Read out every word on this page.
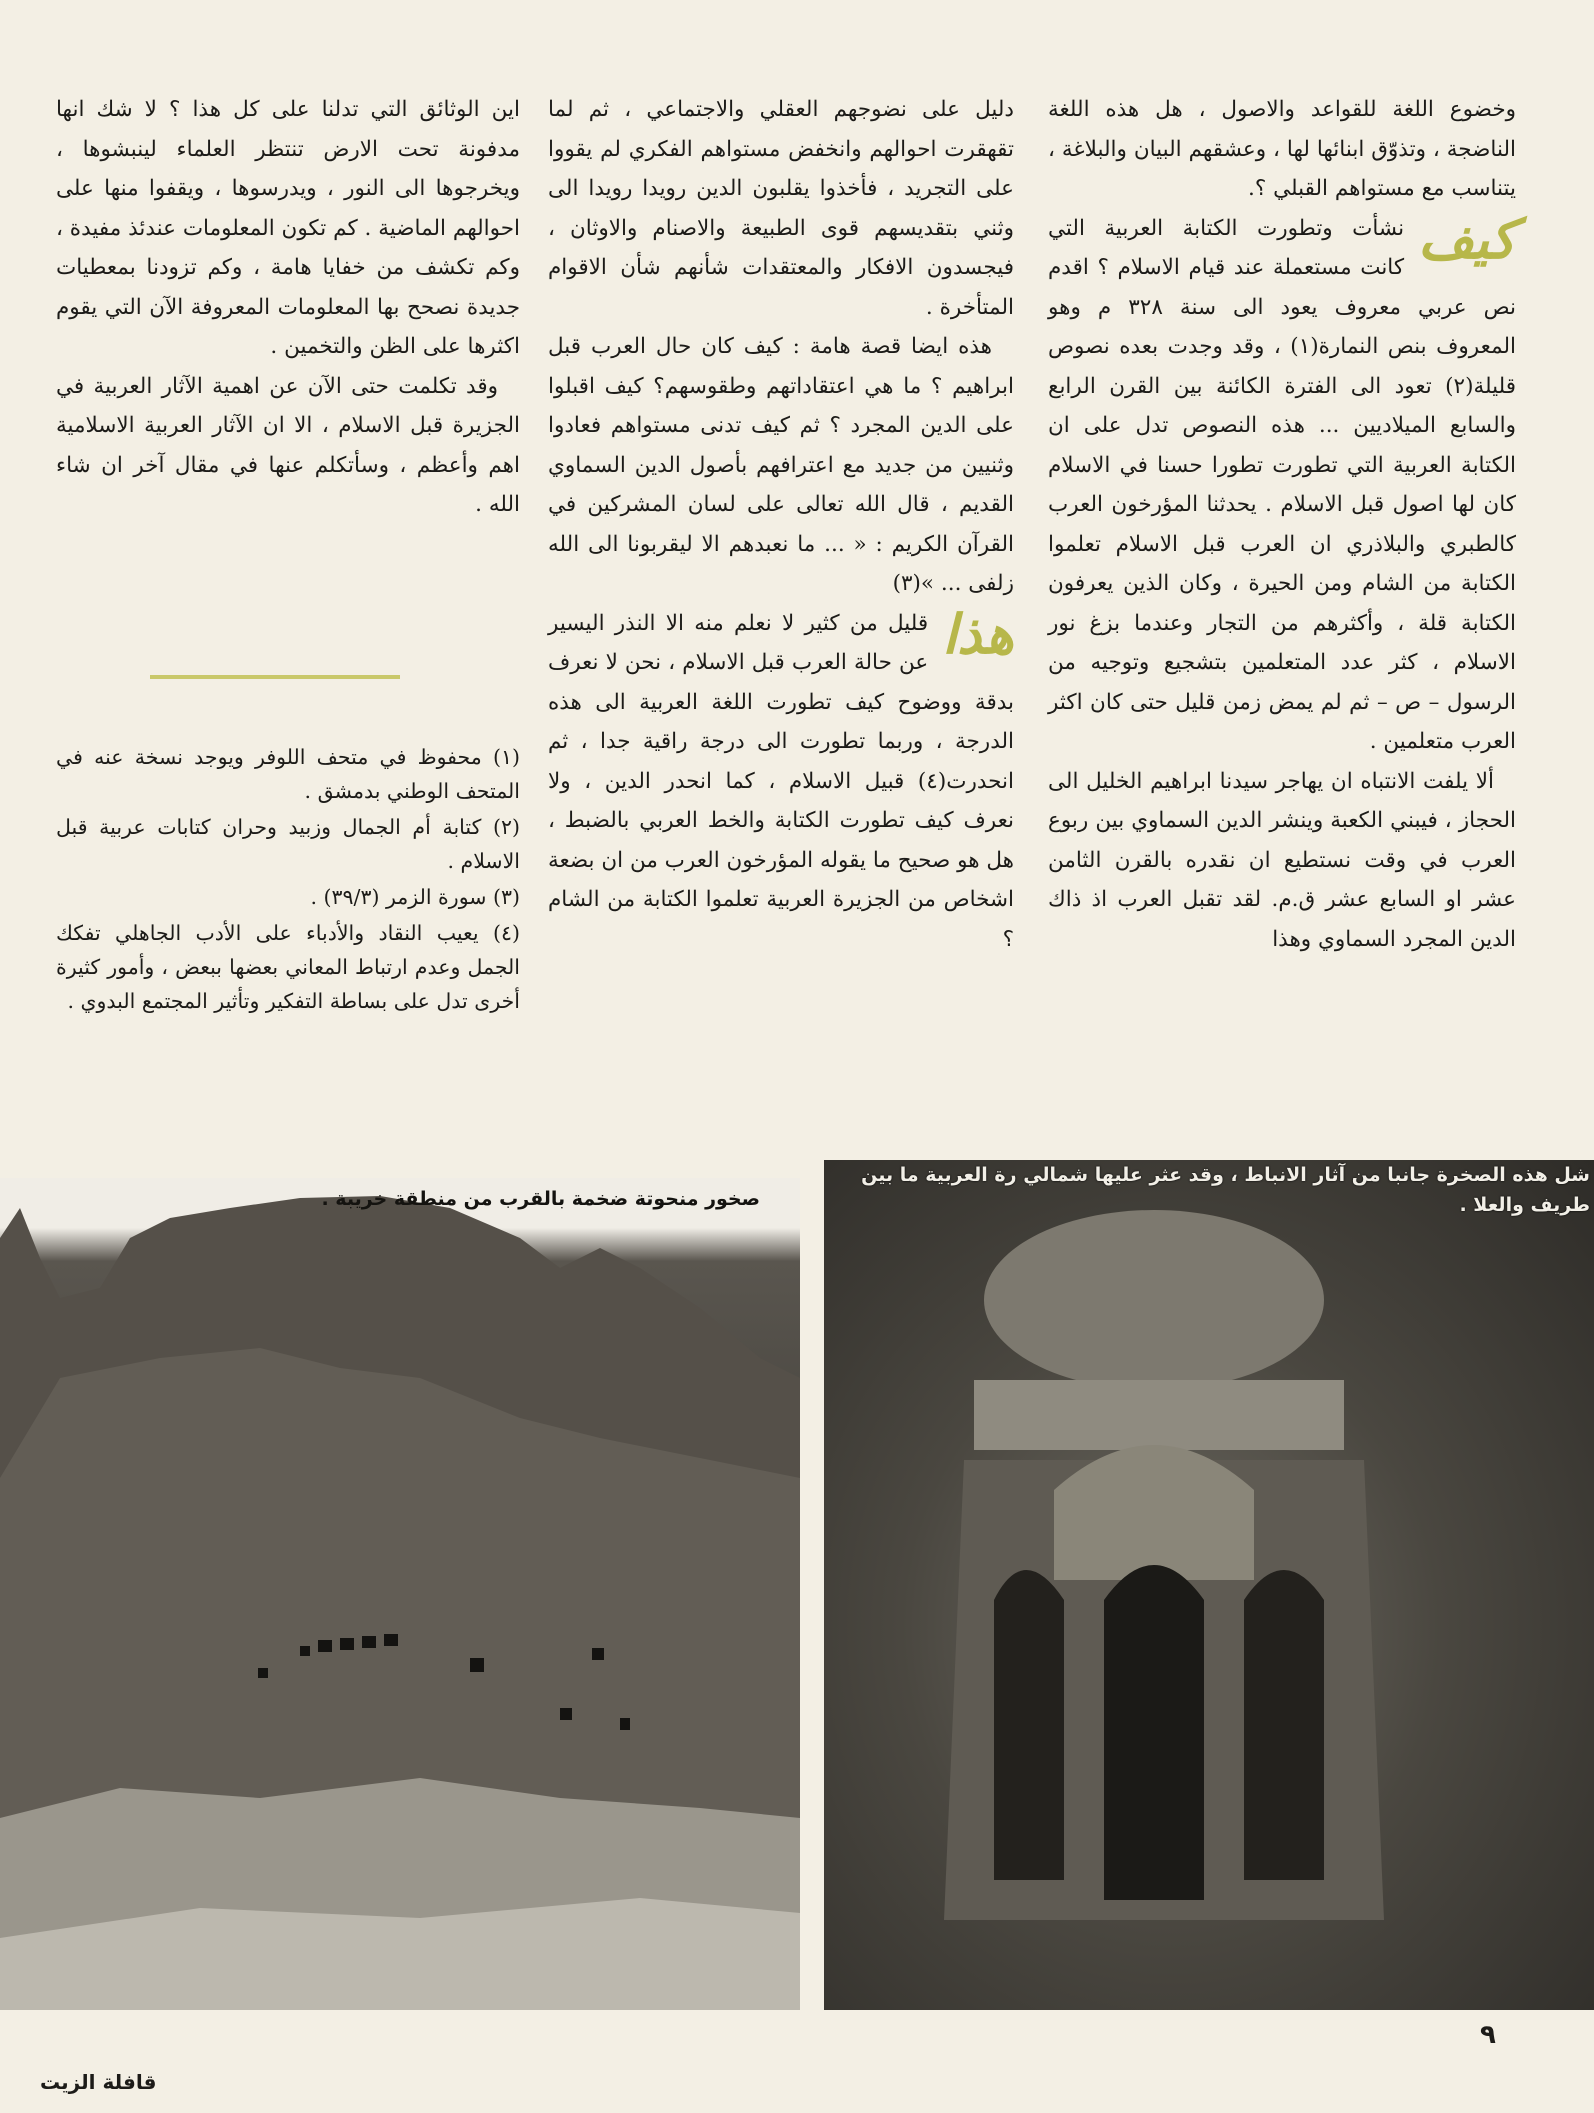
وخضوع اللغة للقواعد والاصول ، هل هذه اللغة الناضجة ، وتذوّق ابنائها لها ، وعشقهم البيان والبلاغة ، يتناسب مع مستواهم القبلي ؟.

كيف
نشأت وتطورت الكتابة العربية التي كانت مستعملة عند قيام الاسلام ؟ اقدم نص عربي معروف يعود الى سنة ٣٢٨ م وهو المعروف بنص النمارة(١) ، وقد وجدت بعده نصوص قليلة(٢) تعود الى الفترة الكائنة بين القرن الرابع والسابع الميلاديين ... هذه النصوص تدل على ان الكتابة العربية التي تطورت تطورا حسنا في الاسلام كان لها اصول قبل الاسلام . يحدثنا المؤرخون العرب كالطبري والبلاذري ان العرب قبل الاسلام تعلموا الكتابة من الشام ومن الحيرة ، وكان الذين يعرفون الكتابة قلة ، وأكثرهم من التجار وعندما بزغ نور الاسلام ، كثر عدد المتعلمين بتشجيع وتوجيه من الرسول – ص – ثم لم يمض زمن قليل حتى كان اكثر العرب متعلمين .

ألا يلفت الانتباه ان يهاجر سيدنا ابراهيم الخليل الى الحجاز ، فيبني الكعبة وينشر الدين السماوي بين ربوع العرب في وقت نستطيع ان نقدره بالقرن الثامن عشر او السابع عشر ق.م. لقد تقبل العرب اذ ذاك الدين المجرد السماوي وهذا

دليل على نضوجهم العقلي والاجتماعي ، ثم لما تقهقرت احوالهم وانخفض مستواهم الفكري لم يقووا على التجريد ، فأخذوا يقلبون الدين رويدا رويدا الى وثني بتقديسهم قوى الطبيعة والاصنام والاوثان ، فيجسدون الافكار والمعتقدات شأنهم شأن الاقوام المتأخرة .

هذه ايضا قصة هامة : كيف كان حال العرب قبل ابراهيم ؟ ما هي اعتقاداتهم وطقوسهم؟ كيف اقبلوا على الدين المجرد ؟ ثم كيف تدنى مستواهم فعادوا وثنيين من جديد مع اعترافهم بأصول الدين السماوي القديم ، قال الله تعالى على لسان المشركين في القرآن الكريم : « ... ما نعبدهم الا ليقربونا الى الله زلفى ... »(٣)

هذا
قليل من كثير لا نعلم منه الا النذر اليسير عن حالة العرب قبل الاسلام ، نحن لا نعرف بدقة ووضوح كيف تطورت اللغة العربية الى هذه الدرجة ، وربما تطورت الى درجة راقية جدا ، ثم انحدرت(٤) قبيل الاسلام ، كما انحدر الدين ، ولا نعرف كيف تطورت الكتابة والخط العربي بالضبط ، هل هو صحيح ما يقوله المؤرخون العرب من ان بضعة اشخاص من الجزيرة العربية تعلموا الكتابة من الشام ؟

اين الوثائق التي تدلنا على كل هذا ؟ لا شك انها مدفونة تحت الارض تنتظر العلماء لينبشوها ، ويخرجوها الى النور ، ويدرسوها ، ويقفوا منها على احوالهم الماضية . كم تكون المعلومات عندئذ مفيدة ، وكم تكشف من خفايا هامة ، وكم تزودنا بمعطيات جديدة نصحح بها المعلومات المعروفة الآن التي يقوم اكثرها على الظن والتخمين .

وقد تكلمت حتى الآن عن اهمية الآثار العربية في الجزيرة قبل الاسلام ، الا ان الآثار العربية الاسلامية اهم وأعظم ، وسأتكلم عنها في مقال آخر ان شاء الله .

(١) محفوظ في متحف اللوفر ويوجد نسخة عنه في المتحف الوطني بدمشق .
(٢) كتابة أم الجمال وزبيد وحران كتابات عربية قبل الاسلام .
(٣) سورة الزمر (٣٩/٣) .
(٤) يعيب النقاد والأدباء على الأدب الجاهلي تفكك الجمل وعدم ارتباط المعاني بعضها ببعض ، وأمور كثيرة أخرى تدل على بساطة التفكير وتأثير المجتمع البدوي .
صخور منحوتة ضخمة بالقرب من منطقة خريبة .
شل هذه الصخرة جانبا من آثار الانباط ، وقد عثر عليها شمالي رة العربية ما بين طريف والعلا .
٩
قافلة الزيت
